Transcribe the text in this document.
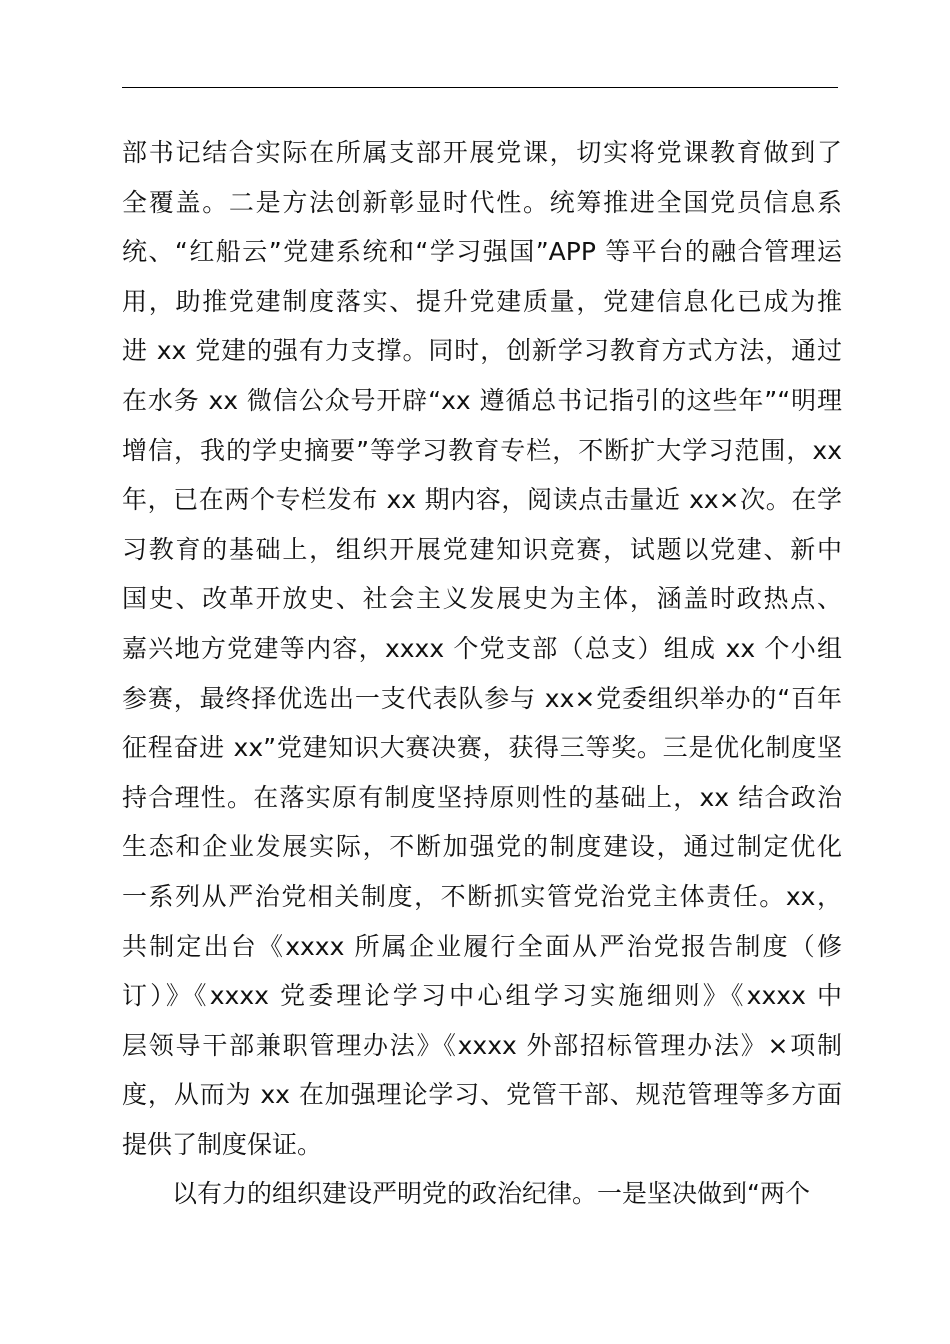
部书记结合实际在所属支部开展党课，切实将党课教育做到了
全覆盖。二是方法创新彰显时代性。统筹推进全国党员信息系
统、“红船云”党建系统和“学习强国”APP 等平台的融合管理运
用，助推党建制度落实、提升党建质量，党建信息化已成为推
进 xx 党建的强有力支撑。同时，创新学习教育方式方法，通过
在水务 xx 微信公众号开辟“xx 遵循总书记指引的这些年”“明理
增信，我的学史摘要”等学习教育专栏，不断扩大学习范围，xx
年，已在两个专栏发布 xx 期内容，阅读点击量近 xx×次。在学
习教育的基础上，组织开展党建知识竞赛，试题以党建、新中
国史、改革开放史、社会主义发展史为主体，涵盖时政热点、
嘉兴地方党建等内容，xxxx 个党支部（总支）组成 xx 个小组
参赛，最终择优选出一支代表队参与 xx×党委组织举办的“百年
征程奋进 xx”党建知识大赛决赛，获得三等奖。三是优化制度坚
持合理性。在落实原有制度坚持原则性的基础上，xx 结合政治
生态和企业发展实际，不断加强党的制度建设，通过制定优化
一系列从严治党相关制度，不断抓实管党治党主体责任。xx，
共制定出台《xxxx 所属企业履行全面从严治党报告制度（修
订）》《xxxx 党委理论学习中心组学习实施细则》《xxxx 中
层领导干部兼职管理办法》《xxxx 外部招标管理办法》×项制
度，从而为 xx 在加强理论学习、党管干部、规范管理等多方面
提供了制度保证。
以有力的组织建设严明党的政治纪律。一是坚决做到“两个
